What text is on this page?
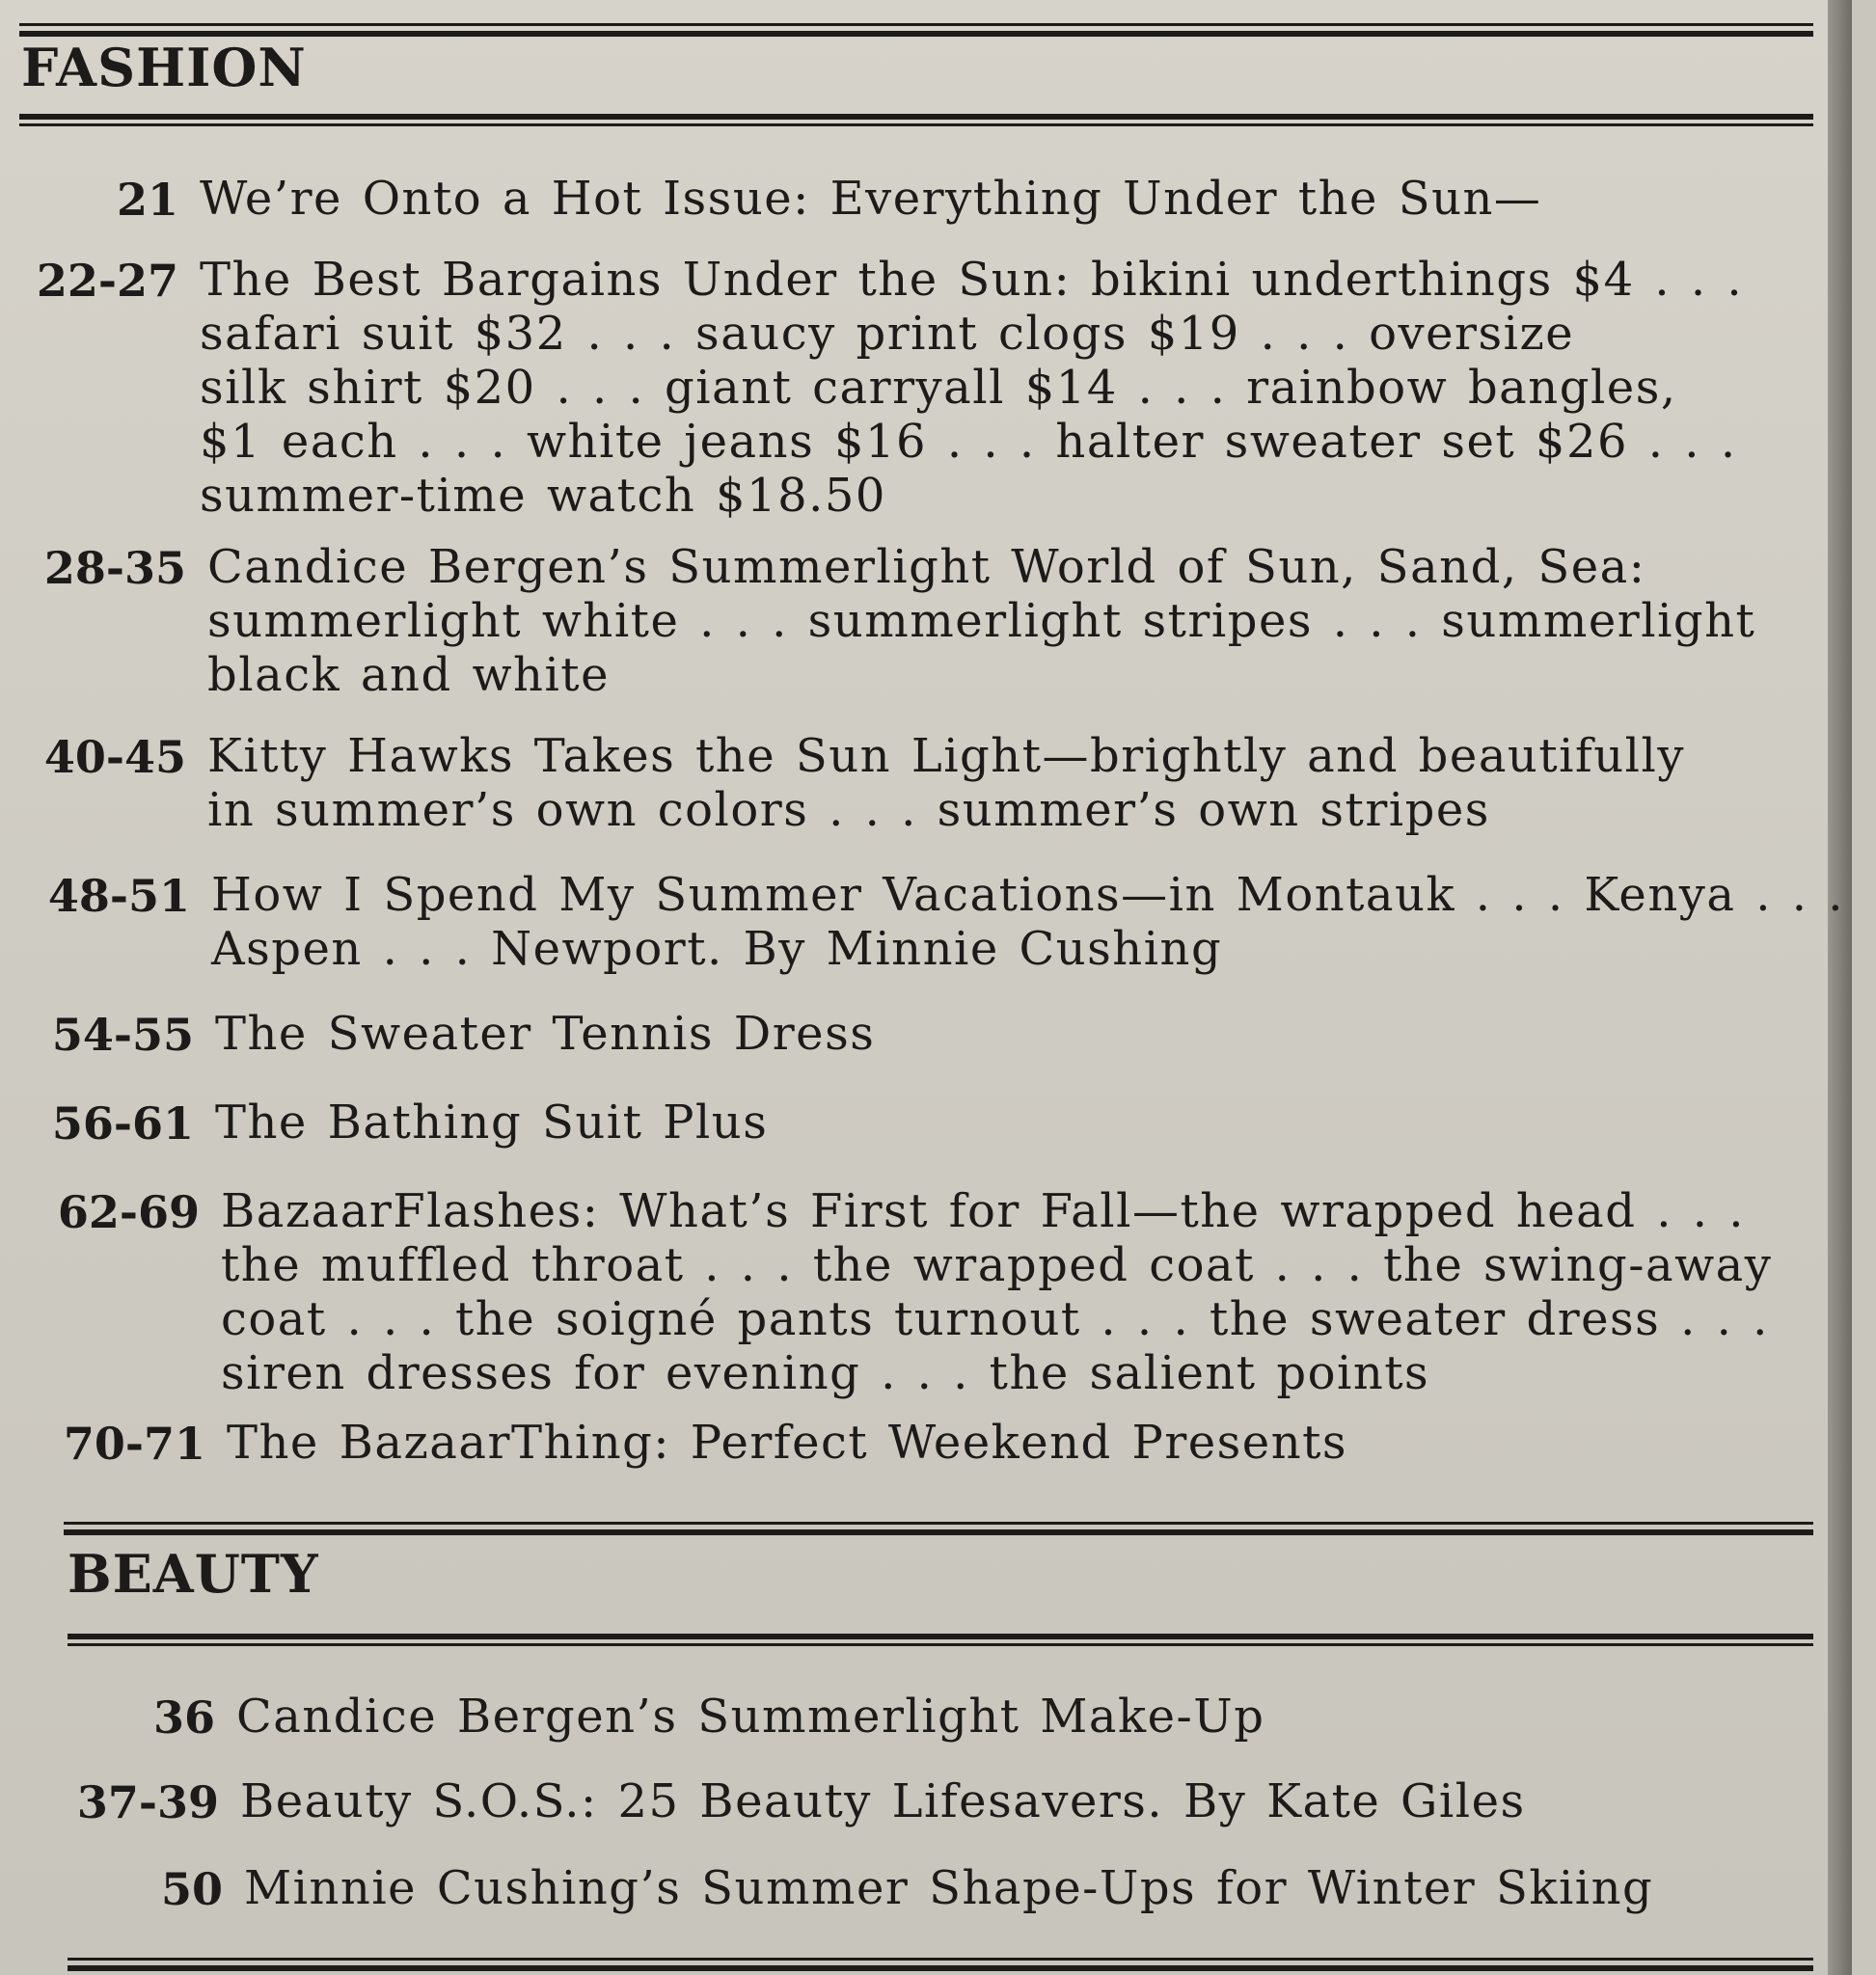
FASHION
21 We’re Onto a Hot Issue: Everything Under the Sun—
22-27 The Best Bargains Under the Sun: bikini underthings $4 . . .
safari suit $32 . . . saucy print clogs $19 . . . oversize
silk shirt $20 . . . giant carryall $14 . . . rainbow bangles,
$1 each . . . white jeans $16 . . . halter sweater set $26 . . .
summer-time watch $18.50
28-35 Candice Bergen’s Summerlight World of Sun, Sand, Sea:
summerlight white . . . summerlight stripes . . . summerlight
black and white
40-45 Kitty Hawks Takes the Sun Light—brightly and beautifully
in summer’s own colors . . . summer’s own stripes
48-51 How I Spend My Summer Vacations—in Montauk . . . Kenya . . .
Aspen . . . Newport. By Minnie Cushing
54-55 The Sweater Tennis Dress
56-61 The Bathing Suit Plus
62-69 BazaarFlashes: What’s First for Fall—the wrapped head . . .
the muffled throat . . . the wrapped coat . . . the swing-away
coat . . . the soigné pants turnout . . . the sweater dress . . .
siren dresses for evening . . . the salient points
70-71 The BazaarThing: Perfect Weekend Presents
BEAUTY
36 Candice Bergen’s Summerlight Make-Up
37-39 Beauty S.O.S.: 25 Beauty Lifesavers. By Kate Giles
50 Minnie Cushing’s Summer Shape-Ups for Winter Skiing
